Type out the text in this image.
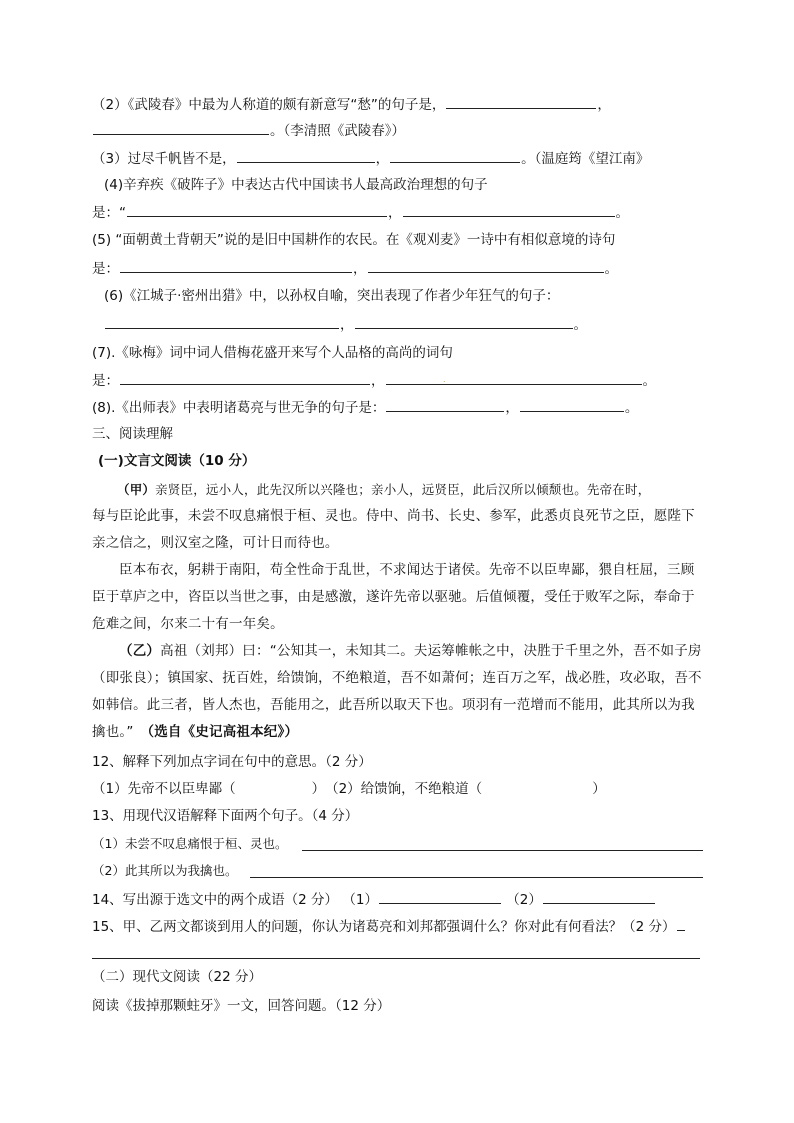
（2）《武陵春》中最为人称道的颇有新意写“愁”的句子是，	，
。（李清照《武陵春》）
（3）过尽千帆皆不是，	，	。（温庭筠《望江南》
(4)辛弃疾《破阵子》中表达古代中国读书人最高政治理想的句子
是：“	，	。
(5) “面朝黄土背朝天”说的是旧中国耕作的农民。在《观刈麦》一诗中有相似意境的诗句
是：	，	。
(6)《江城子·密州出猎》中，以孙权自喻，突出表现了作者少年狂气的句子：
，	。
(7).《咏梅》词中词人借梅花盛开来写个人品格的高尚的词句
是：	，	。
.
(8).《出师表》中表明诸葛亮与世无争的句子是：	，	。
三、阅读理解
(一)文言文阅读（10 分）

（甲）亲贤臣，远小人，此先汉所以兴隆也；亲小人，远贤臣，此后汉所以倾颓也。先帝在时，

每与臣论此事，未尝不叹息痛恨于桓、灵也。侍中、尚书、长史、参军，此悉贞良死节之臣，愿陛下亲之信之，则汉室之隆，可计日而待也。

臣本布衣，躬耕于南阳，苟全性命于乱世，不求闻达于诸侯。先帝不以臣卑鄙，猥自枉屈，三顾臣于草庐之中，咨臣以当世之事，由是感激，遂许先帝以驱驰。后值倾覆，受任于败军之际，奉命于危难之间，尔来二十有一年矣。

（乙）高祖（刘邦）曰：“公知其一，未知其二。夫运筹帷帐之中，决胜于千里之外，吾不如子房（即张良）；镇国家、抚百姓，给馈饷，不绝粮道，吾不如萧何；连百万之军，战必胜，攻必取，吾不如韩信。此三者，皆人杰也，吾能用之，此吾所以取天下也。项羽有一范增而不能用，此其所以为我擒也。”　 （选自《史记高祖本纪》）

12、解释下列加点字词在句中的意思。（2 分）
（1）先帝不以臣卑鄙（	）　 （2）给馈饷，不绝粮道（	）
13、用现代汉语解释下面两个句子。（4 分）
（1）未尝不叹息痛恨于桓、灵也。
（2）此其所以为我擒也。
14、写出源于选文中的两个成语（2 分） （1）	（2）
15、甲、乙两文都谈到用人的问题，你认为诸葛亮和刘邦都强调什么？你对此有何看法？（2 分）
（二）现代文阅读（22 分）
阅读《拔掉那颗蛀牙》一文，回答问题。（12 分）
